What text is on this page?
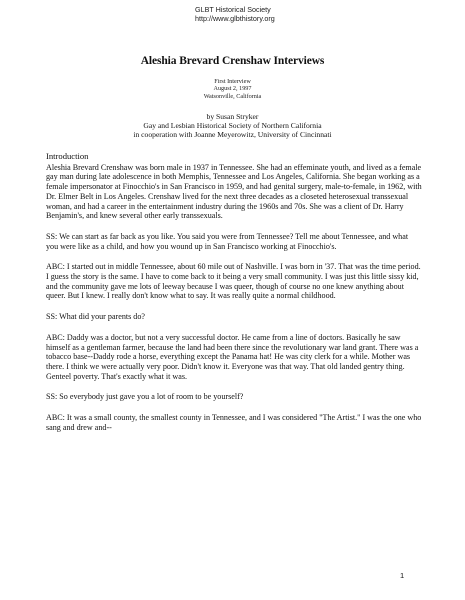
GLBT Historical Society
http://www.glbthistory.org
Aleshia Brevard Crenshaw Interviews
First Interview
August 2, 1997
Watsonville, California
by Susan Stryker
Gay and Lesbian Historical Society of Northern California
in cooperation with Joanne Meyerowitz, University of Cincinnati
Introduction

Aleshia Brevard Crenshaw was born male in 1937 in Tennessee. She had an effeminate youth, and lived as a female gay man during late adolescence in both Memphis, Tennessee and Los Angeles, California. She began working as a female impersonator at Finocchio's in San Francisco in 1959, and had genital surgery, male-to-female, in 1962, with Dr. Elmer Belt in Los Angeles. Crenshaw lived for the next three decades as a closeted heterosexual transsexual woman, and had a career in the entertainment industry during the 1960s and 70s. She was a client of Dr. Harry Benjamin's, and knew several other early transsexuals.

SS: We can start as far back as you like. You said you were from Tennessee? Tell me about Tennessee, and what you were like as a child, and how you wound up in San Francisco working at Finocchio's.

ABC: I started out in middle Tennessee, about 60 mile out of Nashville. I was born in '37. That was the time period. I guess the story is the same. I have to come back to it being a very small community. I was just this little sissy kid, and the community gave me lots of leeway because I was queer, though of course no one knew anything about queer. But I knew. I really don't know what to say. It was really quite a normal childhood.

SS: What did your parents do?

ABC: Daddy was a doctor, but not a very successful doctor. He came from a line of doctors. Basically he saw himself as a gentleman farmer, because the land had been there since the revolutionary war land grant. There was a tobacco base--Daddy rode a horse, everything except the Panama hat! He was city clerk for a while. Mother was there. I think we were actually very poor. Didn't know it. Everyone was that way. That old landed gentry thing. Genteel poverty. That's exactly what it was.

SS: So everybody just gave you a lot of room to be yourself?

ABC: It was a small county, the smallest county in Tennessee, and I was considered "The Artist." I was the one who sang and drew and--

1
